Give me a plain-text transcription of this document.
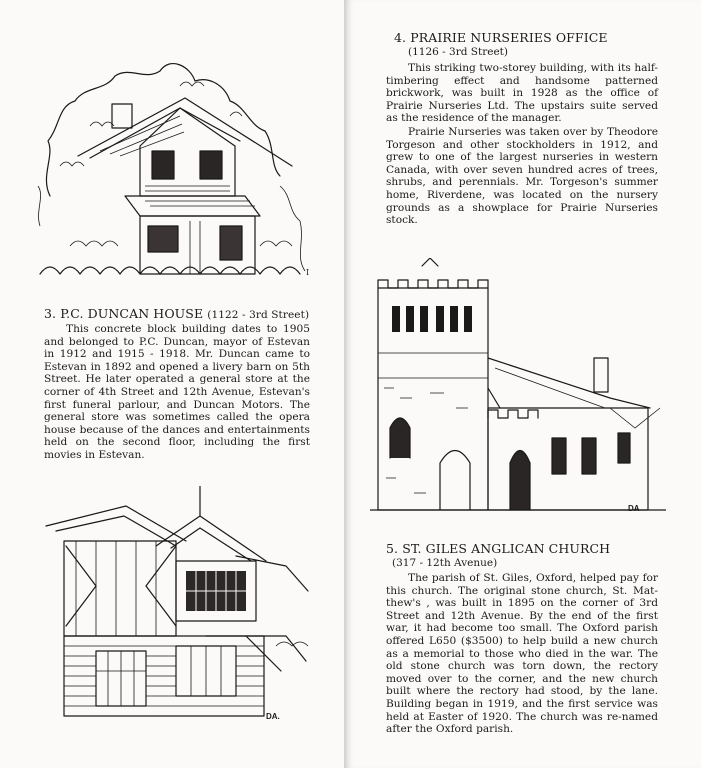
I
3. P.C. DUNCAN HOUSE (1122 - 3rd Street)

This concrete block building dates to 1905 and belonged to P.C. Duncan, mayor of Estevan in 1912 and 1915 - 1918. Mr. Duncan came to Estevan in 1892 and opened a livery barn on 5th Street. He later operated a general store at the corner of 4th Street and 12th Avenue, Estevan's first funeral parlour, and Duncan Motors. The general store was sometimes called the opera house because of the dances and entertainments held on the second floor, including the first movies in Estevan.

DA.
4. PRAIRIE NURSERIES OFFICE
(1126 - 3rd Street)

This striking two-storey building, with its half-timbering effect and handsome patterned brickwork, was built in 1928 as the office of Prairie Nurseries Ltd. The upstairs suite served as the residence of the manager.

Prairie Nurseries was taken over by Theodore Torgeson and other stockholders in 1912, and grew to one of the largest nurseries in western Canada, with over seven hundred acres of trees, shrubs, and perennials. Mr. Torgeson's summer home, Riverdene, was located on the nursery grounds as a showplace for Prairie Nurseries stock.

DA
5. ST. GILES ANGLICAN CHURCH
(317 - 12th Avenue)

The parish of St. Giles, Oxford, helped pay for this church. The original stone church, St. Mat-thew's , was built in 1895 on the corner of 3rd Street and 12th Avenue. By the end of the first war, it had become too small. The Oxford parish offered L650 ($3500) to help build a new church as a memorial to those who died in the war. The old stone church was torn down, the rectory moved over to the corner, and the new church built where the rectory had stood, by the lane. Building began in 1919, and the first service was held at Easter of 1920. The church was re-named after the Oxford parish.
